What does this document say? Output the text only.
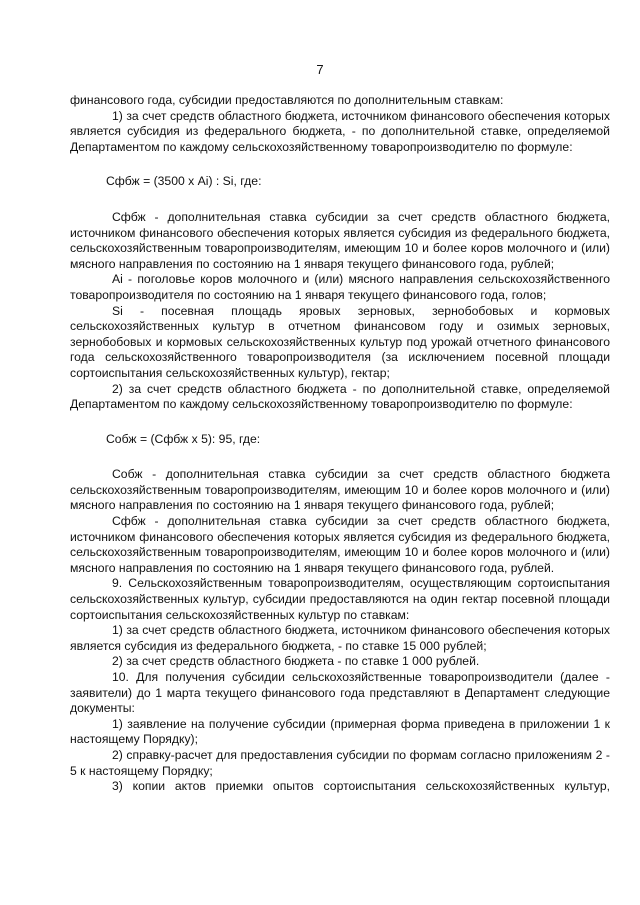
7

финансового года, субсидии предоставляются по дополнительным ставкам:

1) за счет средств областного бюджета, источником финансового обеспечения которых является субсидия из федерального бюджета, - по дополнительной ставке, определяемой Департаментом по каждому сельскохозяйственному товаропроизводителю по формуле:

Сфбж = (3500 х Ai) : Si, где:

Сфбж - дополнительная ставка субсидии за счет средств областного бюджета, источником финансового обеспечения которых является субсидия из федерального бюджета, сельскохозяйственным товаропроизводителям, имеющим 10 и более коров молочного и (или) мясного направления по состоянию на 1 января текущего финансового года, рублей;

Ai - поголовье коров молочного и (или) мясного направления сельскохозяйственного товаропроизводителя по состоянию на 1 января текущего финансового года, голов;

Si - посевная площадь яровых зерновых, зернобобовых и кормовых сельскохозяйственных культур в отчетном финансовом году и озимых зерновых, зернобобовых и кормовых сельскохозяйственных культур под урожай отчетного финансового года сельскохозяйственного товаропроизводителя (за исключением посевной площади сортоиспытания сельскохозяйственных культур), гектар;

2) за счет средств областного бюджета - по дополнительной ставке, определяемой Департаментом по каждому сельскохозяйственному товаропроизводителю по формуле:

Собж = (Сфбж х 5): 95, где:

Собж - дополнительная ставка субсидии за счет средств областного бюджета сельскохозяйственным товаропроизводителям, имеющим 10 и более коров молочного и (или) мясного направления по состоянию на 1 января текущего финансового года, рублей;

Сфбж - дополнительная ставка субсидии за счет средств областного бюджета, источником финансового обеспечения которых является субсидия из федерального бюджета, сельскохозяйственным товаропроизводителям, имеющим 10 и более коров молочного и (или) мясного направления по состоянию на 1 января текущего финансового года, рублей.

9. Сельскохозяйственным товаропроизводителям, осуществляющим сортоиспытания сельскохозяйственных культур, субсидии предоставляются на один гектар посевной площади сортоиспытания сельскохозяйственных культур по ставкам:

1) за счет средств областного бюджета, источником финансового обеспечения которых является субсидия из федерального бюджета, - по ставке 15 000 рублей;

2) за счет средств областного бюджета - по ставке 1 000 рублей.

10. Для получения субсидии сельскохозяйственные товаропроизводители (далее - заявители) до 1 марта текущего финансового года представляют в Департамент следующие документы:

1) заявление на получение субсидии (примерная форма приведена в приложении 1 к настоящему Порядку);

2) справку-расчет для предоставления субсидии по формам согласно приложениям 2 - 5 к настоящему Порядку;

3) копии актов приемки опытов сортоиспытания сельскохозяйственных культур,
